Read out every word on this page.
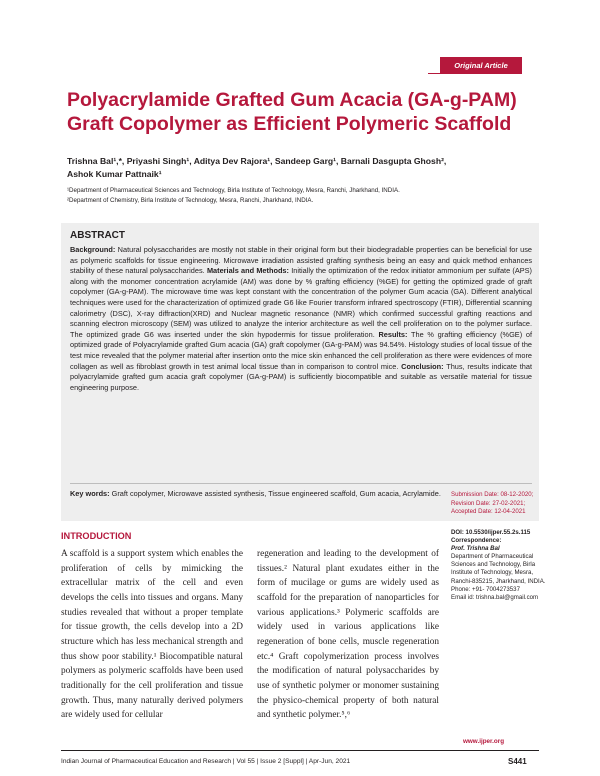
Original Article
Polyacrylamide Grafted Gum Acacia (GA-g-PAM)
Graft Copolymer as Efficient Polymeric Scaffold
Trishna Bal¹,*, Priyashi Singh¹, Aditya Dev Rajora¹, Sandeep Garg¹, Barnali Dasgupta Ghosh²,
Ashok Kumar Pattnaik¹
¹Department of Pharmaceutical Sciences and Technology, Birla Institute of Technology, Mesra, Ranchi, Jharkhand, INDIA.
²Department of Chemistry, Birla Institute of Technology, Mesra, Ranchi, Jharkhand, INDIA.
ABSTRACT
Background: Natural polysaccharides are mostly not stable in their original form but their biodegradable properties can be beneficial for use as polymeric scaffolds for tissue engineering. Microwave irradiation assisted grafting synthesis being an easy and quick method enhances stability of these natural polysaccharides. Materials and Methods: Initially the optimization of the redox initiator ammonium per sulfate (APS) along with the monomer concentration acrylamide (AM) was done by % grafting efficiency (%GE) for getting the optimized grade of graft copolymer (GA-g-PAM). The microwave time was kept constant with the concentration of the polymer Gum acacia (GA). Different analytical techniques were used for the characterization of optimized grade G6 like Fourier transform infrared spectroscopy (FTIR), Differential scanning calorimetry (DSC), X-ray diffraction(XRD) and Nuclear magnetic resonance (NMR) which confirmed successful grafting reactions and scanning electron microscopy (SEM) was utilized to analyze the interior architecture as well the cell proliferation on to the polymer surface. The optimized grade G6 was inserted under the skin hypodermis for tissue proliferation. Results: The % grafting efficiency (%GE) of optimized grade of Polyacrylamide grafted Gum acacia (GA) graft copolymer (GA-g-PAM) was 94.54%. Histology studies of local tissue of the test mice revealed that the polymer material after insertion onto the mice skin enhanced the cell proliferation as there were evidences of more collagen as well as fibroblast growth in test animal local tissue than in comparison to control mice. Conclusion: Thus, results indicate that polyacrylamide grafted gum acacia graft copolymer (GA-g-PAM) is sufficiently biocompatible and suitable as versatile material for tissue engineering purpose.
Key words: Graft copolymer, Microwave assisted synthesis, Tissue engineered scaffold, Gum acacia, Acrylamide.	Submission Date: 08-12-2020;
Revision Date: 27-02-2021;
Accepted Date: 12-04-2021
DOI: 10.5530/ijper.55.2s.115
Correspondence:
Prof. Trishna Bal
Department of Pharmaceutical Sciences and Technology, Birla Institute of Technology, Mesra, Ranchi-835215, Jharkhand, INDIA.
Phone: +91- 7004273537
Email id: trishna.bal@gmail.com
INTRODUCTION
A scaffold is a support system which enables the proliferation of cells by mimicking the extracellular matrix of the cell and even develops the cells into tissues and organs. Many studies revealed that without a proper template for tissue growth, the cells develop into a 2D structure which has less mechanical strength and thus show poor stability.¹ Biocompatible natural polymers as polymeric scaffolds have been used traditionally for the cell proliferation and tissue growth. Thus, many naturally derived polymers are widely used for cellular
regeneration and leading to the development of tissues.² Natural plant exudates either in the form of mucilage or gums are widely used as scaffold for the preparation of nanoparticles for various applications.³ Polymeric scaffolds are widely used in various applications like regeneration of bone cells, muscle regeneration etc.⁴ Graft copolymerization process involves the modification of natural polysaccharides by use of synthetic polymer or monomer sustaining the physico-chemical property of both natural and synthetic polymer.⁵,⁶
www.ijper.org
Indian Journal of Pharmaceutical Education and Research | Vol 55 | Issue 2 [Suppl] | Apr-Jun, 2021	S441
